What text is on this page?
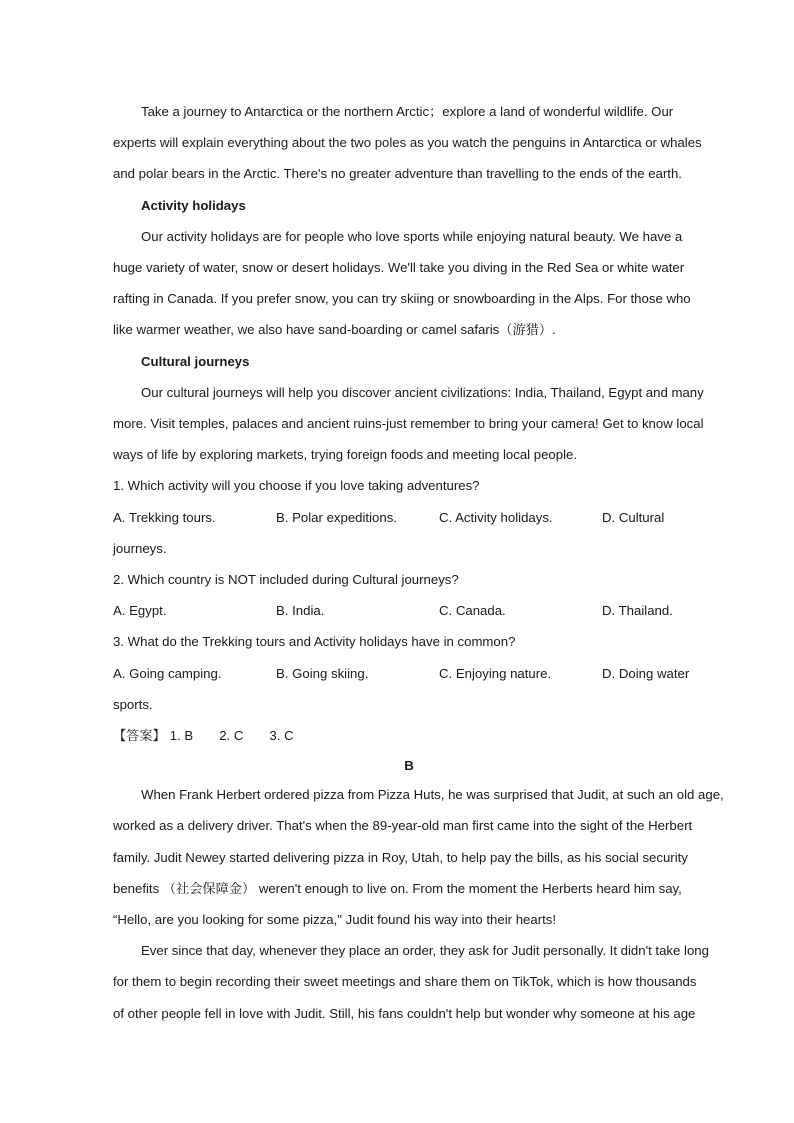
Take a journey to Antarctica or the northern Arctic；explore a land of wonderful wildlife. Our

experts will explain everything about the two poles as you watch the penguins in Antarctica or whales

and polar bears in the Arctic. There's no greater adventure than travelling to the ends of the earth.

Activity holidays

Our activity holidays are for people who love sports while enjoying natural beauty. We have a

huge variety of water, snow or desert holidays. We'll take you diving in the Red Sea or white water

rafting in Canada. If you prefer snow, you can try skiing or snowboarding in the Alps. For those who

like warmer weather, we also have sand-boarding or camel safaris（游猎）.

Cultural journeys

Our cultural journeys will help you discover ancient civilizations: India, Thailand, Egypt and many

more. Visit temples, palaces and ancient ruins-just remember to bring your camera! Get to know local

ways of life by exploring markets, trying foreign foods and meeting local people.

1. Which activity will you choose if you love taking adventures?

A. Trekking tours.	B. Polar expeditions.	C. Activity holidays.	D. Cultural

journeys.

2. Which country is NOT included during Cultural journeys?

A. Egypt.	B. India.	C. Canada.	D. Thailand.

3. What do the Trekking tours and Activity holidays have in common?

A. Going camping.	B. Going skiing.	C. Enjoying nature.	D. Doing water

sports.

【答案】 1. B 2. C 3. C
B

When Frank Herbert ordered pizza from Pizza Huts, he was surprised that Judit, at such an old age,

worked as a delivery driver. That's when the 89-year-old man first came into the sight of the Herbert

family. Judit Newey started delivering pizza in Roy, Utah, to help pay the bills, as his social security

benefits （社会保障金） weren't enough to live on. From the moment the Herberts heard him say,

“Hello, are you looking for some pizza," Judit found his way into their hearts!

Ever since that day, whenever they place an order, they ask for Judit personally. It didn't take long

for them to begin recording their sweet meetings and share them on TikTok, which is how thousands

of other people fell in love with Judit. Still, his fans couldn't help but wonder why someone at his age
